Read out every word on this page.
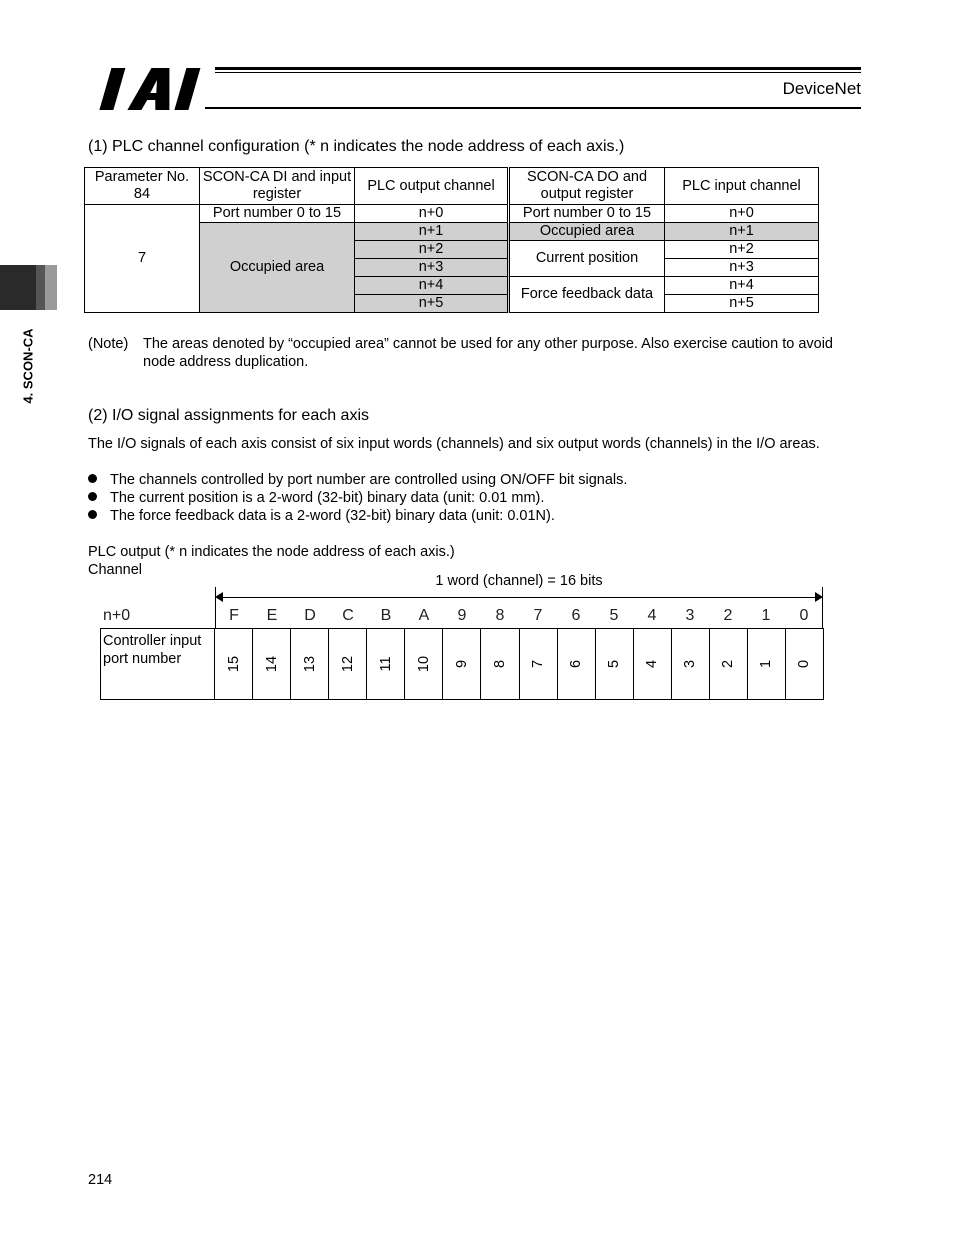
DeviceNet
4. SCON-CA
(1) PLC channel configuration (* n indicates the node address of each axis.)
Parameter No. 84	SCON-CA DI and input register	PLC output channel	SCON-CA DO and output register	PLC input channel
7	Port number 0 to 15	n+0	Port number 0 to 15	n+0
	Occupied area	n+1	Occupied area	n+1
		n+2	Current position	n+2
		n+3		n+3
		n+4	Force feedback data	n+4
		n+5		n+5
(Note) The areas denoted by “occupied area” cannot be used for any other purpose. Also exercise caution to avoid node address duplication.
(2) I/O signal assignments for each axis
The I/O signals of each axis consist of six input words (channels) and six output words (channels) in the I/O areas.
The channels controlled by port number are controlled using ON/OFF bit signals.
The current position is a 2-word (32-bit) binary data (unit: 0.01 mm).
The force feedback data is a 2-word (32-bit) binary data (unit: 0.01N).
PLC output (* n indicates the node address of each axis.)
Channel
1 word (channel) = 16 bits
n+0	F	E	D	C	B	A	9	8	7	6	5	4	3	2	1	0
Controller input port number	15 14 13 12 11 10 9 8 7 6 5 4 3 2 1 0
214
